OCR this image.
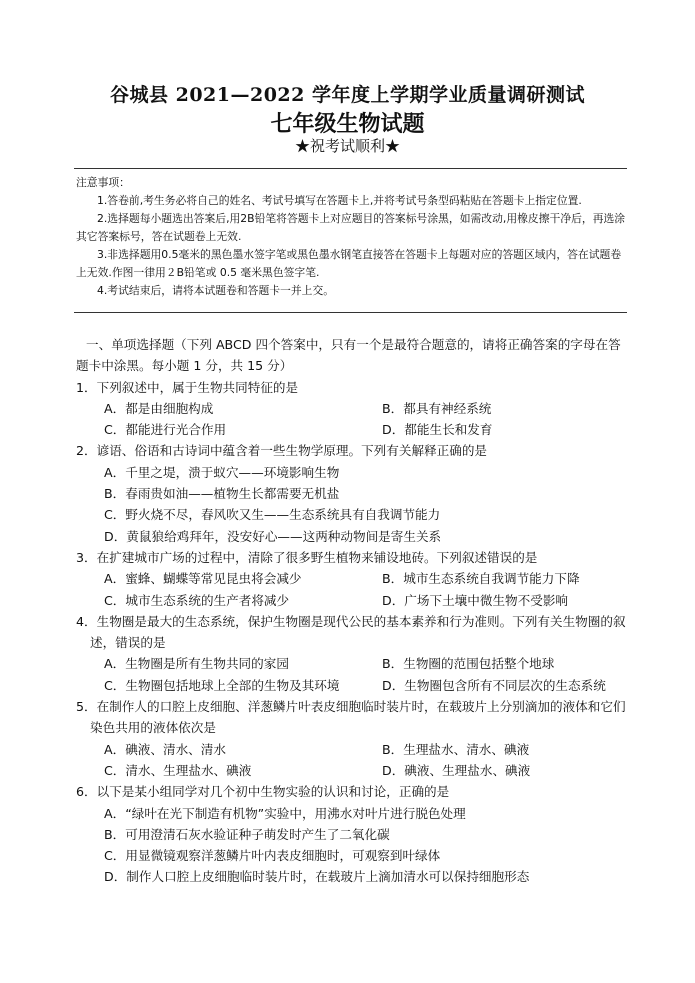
谷城县 2021—2022 学年度上学期学业质量调研测试
七年级生物试题
★祝考试顺利★

注意事项：

1.答卷前,考生务必将自己的姓名、考试号填写在答题卡上,并将考试号条型码粘贴在答题卡上指定位置.

2.选择题每小题选出答案后,用2B铅笔将答题卡上对应题目的答案标号涂黑，如需改动,用橡皮擦干净后，再选涂其它答案标号，答在试题卷上无效.

3.非选择题用0.5毫米的黑色墨水签字笔或黑色墨水钢笔直接答在答题卡上每题对应的答题区域内，答在试题卷上无效.作图一律用２B铅笔或 0.5 毫米黑色签字笔.

4.考试结束后，请将本试题卷和答题卡一并上交。

一、单项选择题（下列 ABCD 四个答案中，只有一个是最符合题意的，请将正确答案的字母在答题卡中涂黑。每小题 1 分，共 15 分）

1．下列叙述中，属于生物共同特征的是

A．都是由细胞构成	B．都具有神经系统
C．都能进行光合作用	D．都能生长和发育

2．谚语、俗语和古诗词中蕴含着一些生物学原理。下列有关解释正确的是

A．千里之堤，溃于蚁穴——环境影响生物
B．春雨贵如油——植物生长都需要无机盐
C．野火烧不尽，春风吹又生——生态系统具有自我调节能力
D．黄鼠狼给鸡拜年，没安好心——这两种动物间是寄生关系

3．在扩建城市广场的过程中，清除了很多野生植物来铺设地砖。下列叙述错误的是

A．蜜蜂、蝴蝶等常见昆虫将会减少	B．城市生态系统自我调节能力下降
C．城市生态系统的生产者将减少	D．广场下土壤中微生物不受影响

4．生物圈是最大的生态系统，保护生物圈是现代公民的基本素养和行为准则。下列有关生物圈的叙述，错误的是

A．生物圈是所有生物共同的家园	B．生物圈的范围包括整个地球
C．生物圈包括地球上全部的生物及其环境	D．生物圈包含所有不同层次的生态系统

5．在制作人的口腔上皮细胞、洋葱鳞片叶表皮细胞临时装片时，在载玻片上分别滴加的液体和它们染色共用的液体依次是

A．碘液、清水、清水	B．生理盐水、清水、碘液
C．清水、生理盐水、碘液	D．碘液、生理盐水、碘液

6．以下是某小组同学对几个初中生物实验的认识和讨论，正确的是

A．“绿叶在光下制造有机物”实验中，用沸水对叶片进行脱色处理
B．可用澄清石灰水验证种子萌发时产生了二氧化碳
C．用显微镜观察洋葱鳞片叶内表皮细胞时，可观察到叶绿体
D．制作人口腔上皮细胞临时装片时，在载玻片上滴加清水可以保持细胞形态
